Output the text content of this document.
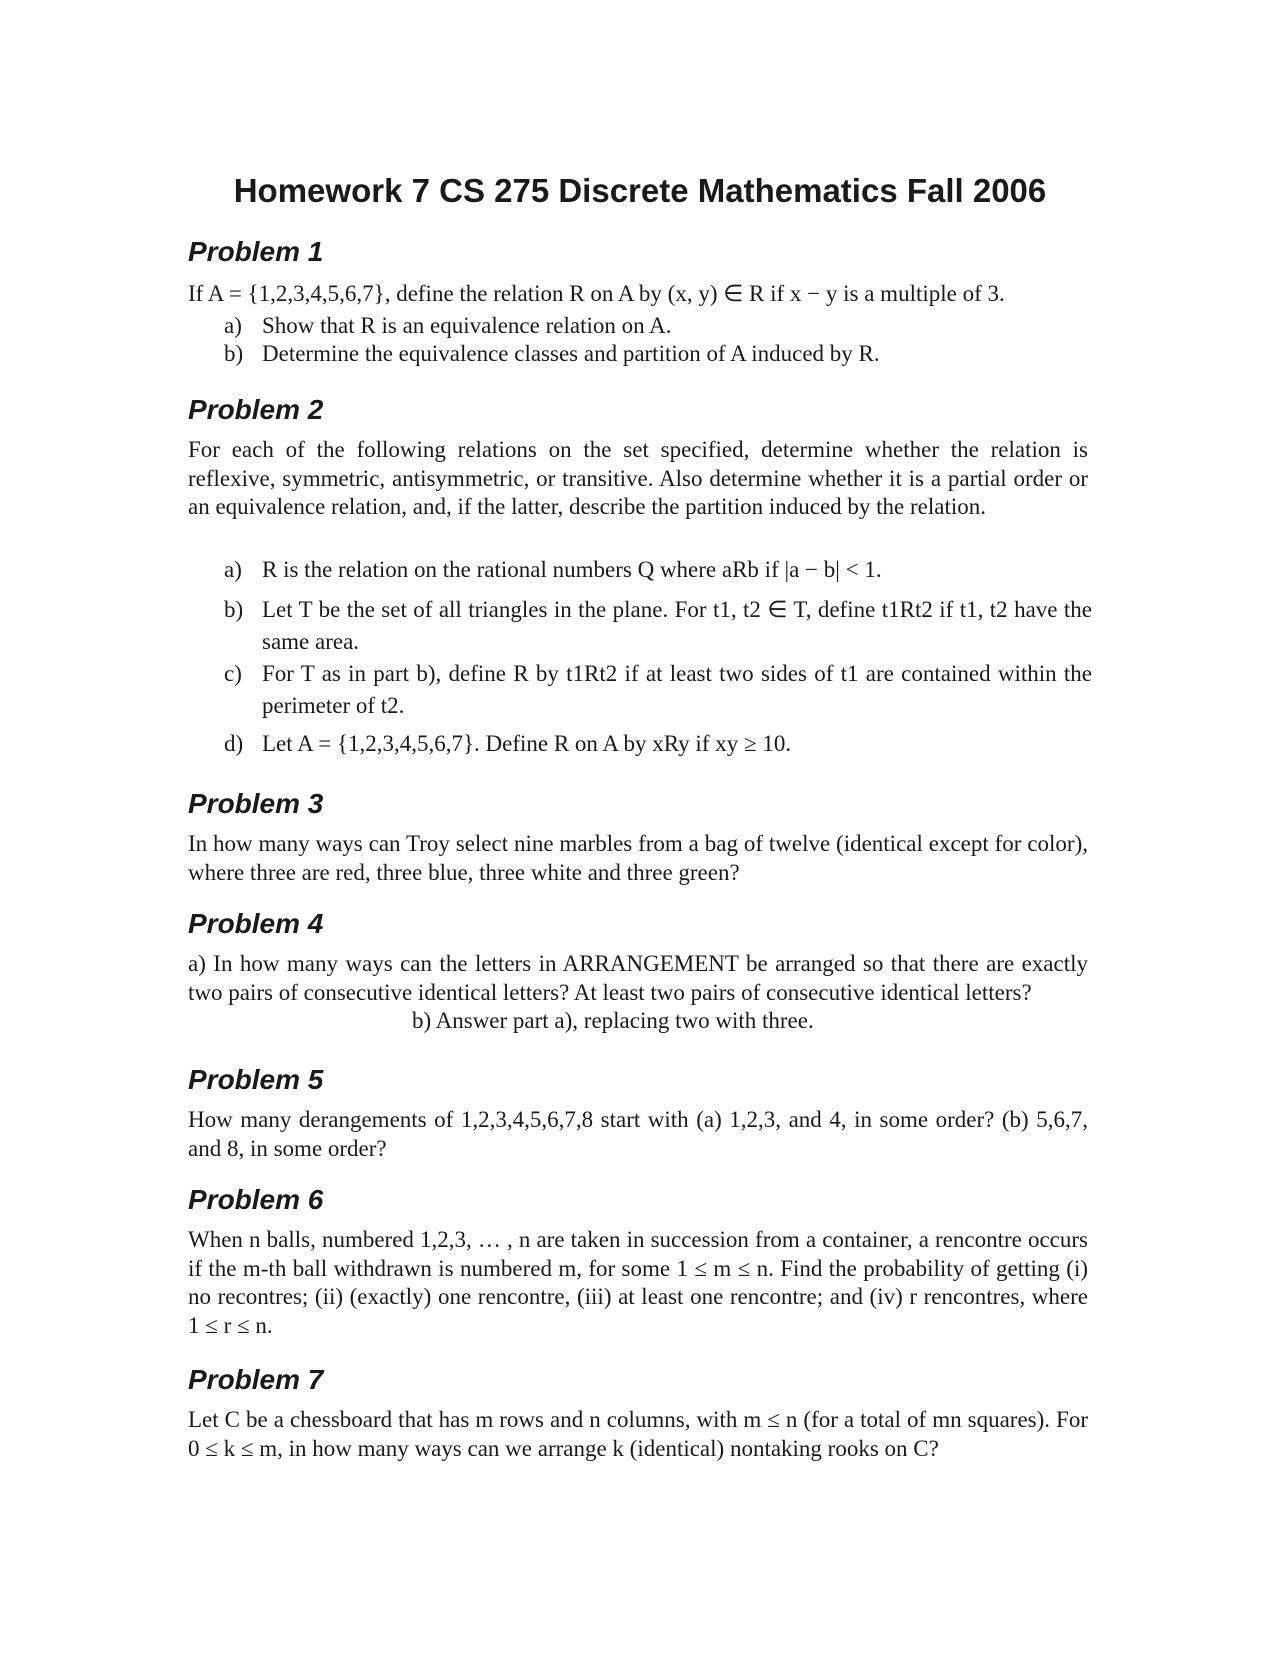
Homework 7 CS 275 Discrete Mathematics Fall 2006
Problem 1

If A = {1,2,3,4,5,6,7}, define the relation R on A by (x, y) ∈ R if x − y is a multiple of 3.

a) Show that R is an equivalence relation on A.

b) Determine the equivalence classes and partition of A induced by R.

Problem 2

For each of the following relations on the set specified, determine whether the relation is reflexive, symmetric, antisymmetric, or transitive. Also determine whether it is a partial order or an equivalence relation, and, if the latter, describe the partition induced by the relation.

a) R is the relation on the rational numbers Q where aRb if |a − b| < 1.

b) Let T be the set of all triangles in the plane. For t1, t2 ∈ T, define t1Rt2 if t1, t2 have the same area.

c) For T as in part b), define R by t1Rt2 if at least two sides of t1 are contained within the perimeter of t2.

d) Let A = {1,2,3,4,5,6,7}. Define R on A by xRy if xy ≥ 10.

Problem 3

In how many ways can Troy select nine marbles from a bag of twelve (identical except for color), where three are red, three blue, three white and three green?

Problem 4

a) In how many ways can the letters in ARRANGEMENT be arranged so that there are exactly two pairs of consecutive identical letters? At least two pairs of consecutive identical letters?

b) Answer part a), replacing two with three.

Problem 5

How many derangements of 1,2,3,4,5,6,7,8 start with (a) 1,2,3, and 4, in some order? (b) 5,6,7, and 8, in some order?

Problem 6

When n balls, numbered 1,2,3, … , n are taken in succession from a container, a rencontre occurs if the m-th ball withdrawn is numbered m, for some 1 ≤ m ≤ n. Find the probability of getting (i) no recontres; (ii) (exactly) one rencontre, (iii) at least one rencontre; and (iv) r rencontres, where 1 ≤ r ≤ n.

Problem 7

Let C be a chessboard that has m rows and n columns, with m ≤ n (for a total of mn squares). For 0 ≤ k ≤ m, in how many ways can we arrange k (identical) nontaking rooks on C?
